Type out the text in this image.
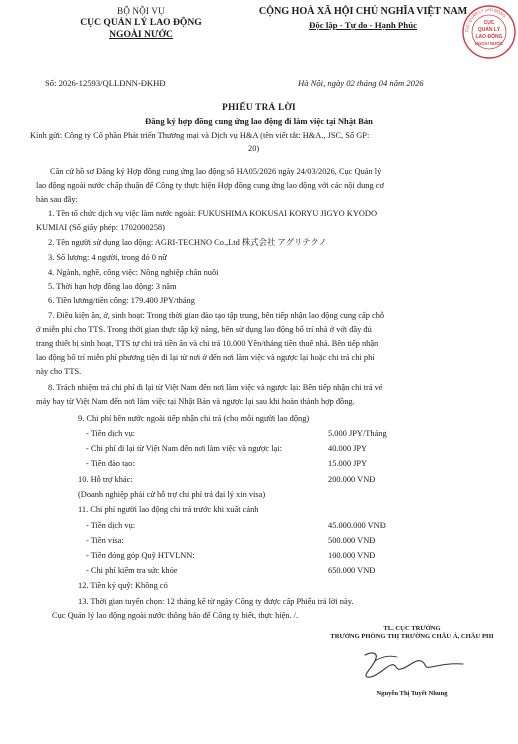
BỘ NỘI VỤ
CỤC QUẢN LÝ LAO ĐỘNG
NGOÀI NƯỚC
CỘNG HOÀ XÃ HỘI CHỦ NGHĨA VIỆT NAM
Độc lập - Tự do - Hạnh Phúc
CỤC QUẢN LÝ LAO ĐỘNG
CỤC
QUẢN LÝ
LAO ĐỘNG
NGOÀI NƯỚC
Số: 2026-12593/QLLĐNN-ĐKHĐ	Hà Nội, ngày 02 tháng 04 năm 2026
PHIẾU TRẢ LỜI
Đăng ký hợp đồng cung ứng lao động đi làm việc tại Nhật Bản
Kính gửi: Công ty Cổ phần Phát triển Thương mại và Dịch vụ H&A (tên viết tắt: H&A., JSC, Số GP:
20)
Căn cứ hồ sơ Đăng ký Hợp đồng cung ứng lao động số HA05/2026 ngày 24/03/2026, Cục Quản lý
lao động ngoài nước chấp thuận để Công ty thực hiện Hợp đồng cung ứng lao động với các nội dung cơ
bản sau đây:
1. Tên tổ chức dịch vụ việc làm nước ngoài: FUKUSHIMA KOKUSAI KORYU JIGYO KYODO
KUMIAI (Số giấy phép: 1702000258)
2. Tên người sử dụng lao động: AGRI-TECHNO Co.,Ltd 株式会社 アグリテクノ
3. Số lượng: 4 người, trong đó 0 nữ
4. Ngành, nghề, công việc: Nông nghiệp chăn nuôi
5. Thời hạn hợp đồng lao động: 3 năm
6. Tiền lương/tiền công: 179.400 JPY/tháng
7. Điều kiện ăn, ở, sinh hoạt: Trong thời gian đào tạo tập trung, bên tiếp nhận lao động cung cấp chỗ
ở miễn phí cho TTS. Trong thời gian thực tập kỹ năng, bên sử dụng lao động bố trí nhà ở với đầy đủ
trang thiết bị sinh hoạt, TTS tự chi trả tiền ăn và chi trả 10.000 Yên/tháng tiền thuê nhà. Bên tiếp nhận
lao động bố trí miễn phí phương tiện đi lại từ nơi ở đến nơi làm việc và ngược lại hoặc chi trả chi phí
này cho TTS.
8. Trách nhiệm trả chi phí đi lại từ Việt Nam đến nơi làm việc và ngược lại: Bên tiếp nhận chi trả vé
máy bay từ Việt Nam đến nơi làm việc tại Nhật Bản và ngược lại sau khi hoàn thành hợp đồng.
9. Chi phí bên nước ngoài tiếp nhận chi trả (cho mỗi người lao động)
- Tiền dịch vụ:	5.000 JPY/Tháng
- Chi phí đi lại từ Việt Nam đến nơi làm việc và ngược lại:	40.000 JPY
- Tiền đào tạo:	15.000 JPY
10. Hỗ trợ khác:	200.000 VNĐ
(Doanh nghiệp phải cử hỗ trợ chi phí trả đại lý xin visa)
11. Chi phí người lao động chi trả trước khi xuất cảnh
- Tiền dịch vụ:	45.000.000 VNĐ
- Tiền visa:	500.000 VNĐ
- Tiền đóng góp Quỹ HTVLNN:	100.000 VNĐ
- Chi phí kiểm tra sức khỏe	650.000 VNĐ
12. Tiền ký quỹ: Không có
13. Thời gian tuyển chọn: 12 tháng kể từ ngày Công ty được cấp Phiếu trả lời này.
Cục Quản lý lao động ngoài nước thông báo để Công ty biết, thực hiện. /.
TL. CỤC TRƯỞNG
TRƯỞNG PHÒNG THỊ TRƯỜNG CHÂU Á, CHÂU PHI
Nguyễn Thị Tuyết Nhung
